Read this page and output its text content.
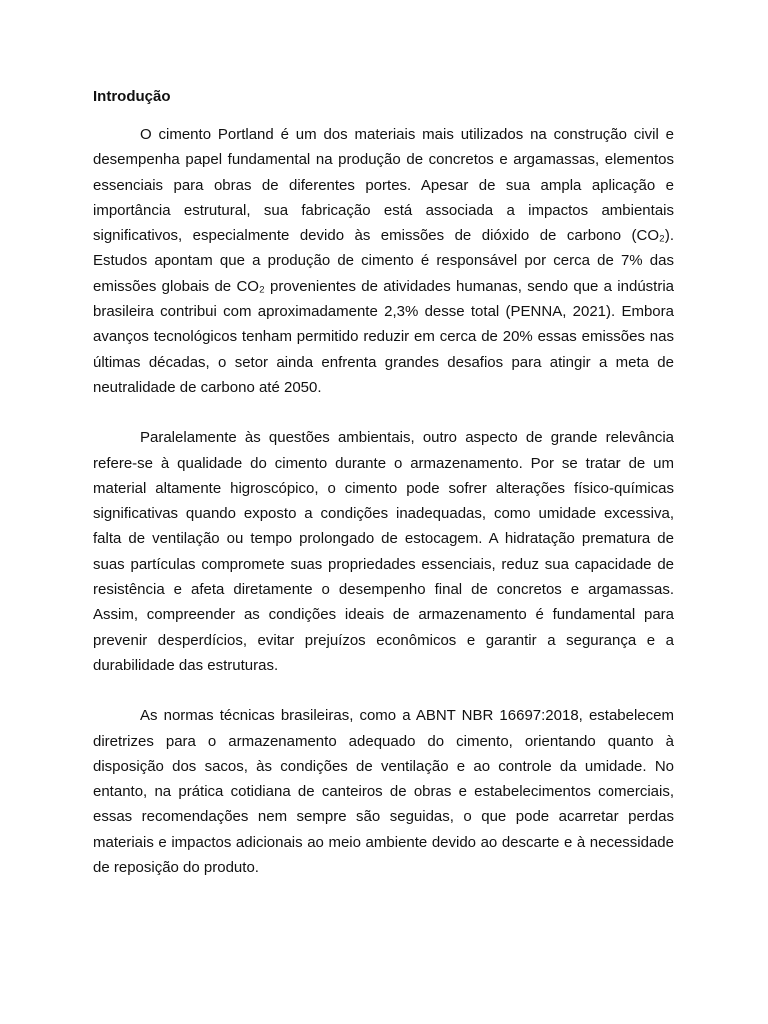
Introdução

O cimento Portland é um dos materiais mais utilizados na construção civil e desempenha papel fundamental na produção de concretos e argamassas, elementos essenciais para obras de diferentes portes. Apesar de sua ampla aplicação e importância estrutural, sua fabricação está associada a impactos ambientais significativos, especialmente devido às emissões de dióxido de carbono (CO₂). Estudos apontam que a produção de cimento é responsável por cerca de 7% das emissões globais de CO₂ provenientes de atividades humanas, sendo que a indústria brasileira contribui com aproximadamente 2,3% desse total (PENNA, 2021). Embora avanços tecnológicos tenham permitido reduzir em cerca de 20% essas emissões nas últimas décadas, o setor ainda enfrenta grandes desafios para atingir a meta de neutralidade de carbono até 2050.

Paralelamente às questões ambientais, outro aspecto de grande relevância refere-se à qualidade do cimento durante o armazenamento. Por se tratar de um material altamente higroscópico, o cimento pode sofrer alterações físico-químicas significativas quando exposto a condições inadequadas, como umidade excessiva, falta de ventilação ou tempo prolongado de estocagem. A hidratação prematura de suas partículas compromete suas propriedades essenciais, reduz sua capacidade de resistência e afeta diretamente o desempenho final de concretos e argamassas. Assim, compreender as condições ideais de armazenamento é fundamental para prevenir desperdícios, evitar prejuízos econômicos e garantir a segurança e a durabilidade das estruturas.

As normas técnicas brasileiras, como a ABNT NBR 16697:2018, estabelecem diretrizes para o armazenamento adequado do cimento, orientando quanto à disposição dos sacos, às condições de ventilação e ao controle da umidade. No entanto, na prática cotidiana de canteiros de obras e estabelecimentos comerciais, essas recomendações nem sempre são seguidas, o que pode acarretar perdas materiais e impactos adicionais ao meio ambiente devido ao descarte e à necessidade de reposição do produto.
